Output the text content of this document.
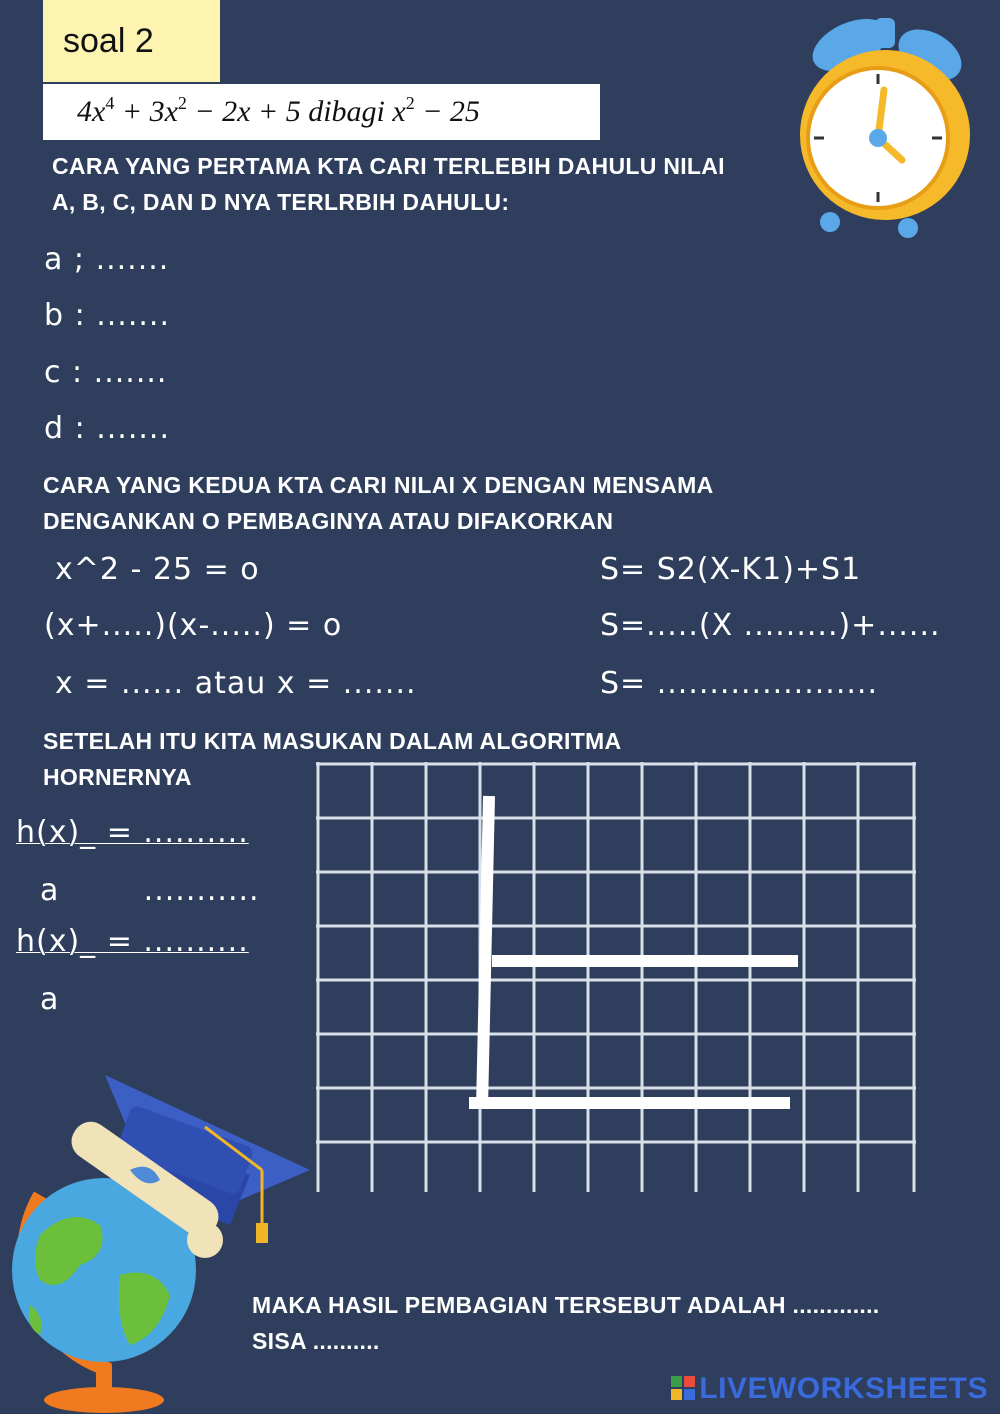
soal 2
$4x^4 + 3x^2 - 2x + 5$ dibagi $x^2 - 25$
CARA YANG PERTAMA KTA CARI TERLEBIH DAHULU NILAI
A, B, C, DAN D NYA TERLRBIH DAHULU:
a ; .......
b : .......
c : .......
d : .......
CARA YANG KEDUA KTA CARI NILAI X DENGAN MENSAMA
DENGANKAN O PEMBAGINYA ATAU DIFAKORKAN
x^2 - 25 = o
(x+.....)(x-.....) = o
x = ...... atau x = .......
S= S2(X-K1)+S1
S=.....(X .........)+......
S= .....................
SETELAH ITU KITA MASUKAN DALAM ALGORITMA
HORNERNYA
h(x)_ = ..........
a        ...........
h(x)_ = ..........
a
MAKA HASIL PEMBAGIAN TERSEBUT ADALAH .............
SISA ..........
LIVEWORKSHEETS
